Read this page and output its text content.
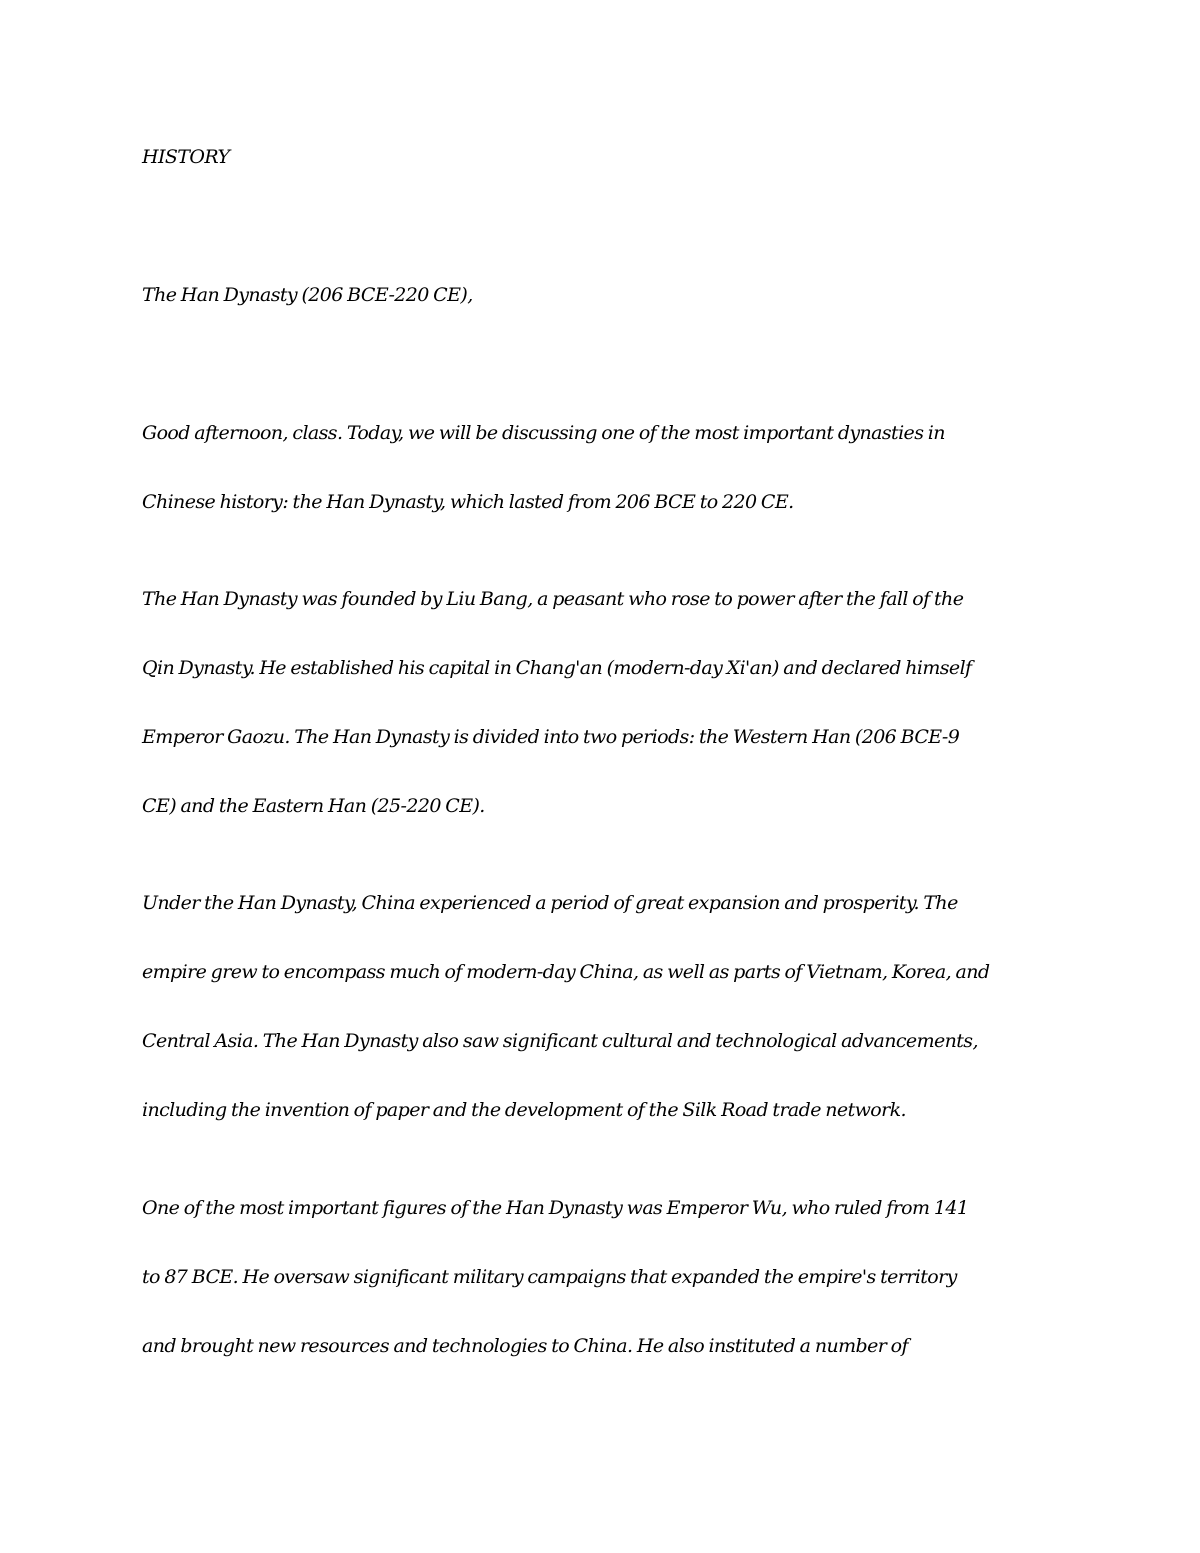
HISTORY

The Han Dynasty (206 BCE-220 CE),

Good afternoon, class. Today, we will be discussing one of the most important dynasties in

Chinese history: the Han Dynasty, which lasted from 206 BCE to 220 CE.

The Han Dynasty was founded by Liu Bang, a peasant who rose to power after the fall of the

Qin Dynasty. He established his capital in Chang'an (modern-day Xi'an) and declared himself

Emperor Gaozu. The Han Dynasty is divided into two periods: the Western Han (206 BCE-9

CE) and the Eastern Han (25-220 CE).

Under the Han Dynasty, China experienced a period of great expansion and prosperity. The

empire grew to encompass much of modern-day China, as well as parts of Vietnam, Korea, and

Central Asia. The Han Dynasty also saw significant cultural and technological advancements,

including the invention of paper and the development of the Silk Road trade network.

One of the most important figures of the Han Dynasty was Emperor Wu, who ruled from 141

to 87 BCE. He oversaw significant military campaigns that expanded the empire's territory

and brought new resources and technologies to China. He also instituted a number of
